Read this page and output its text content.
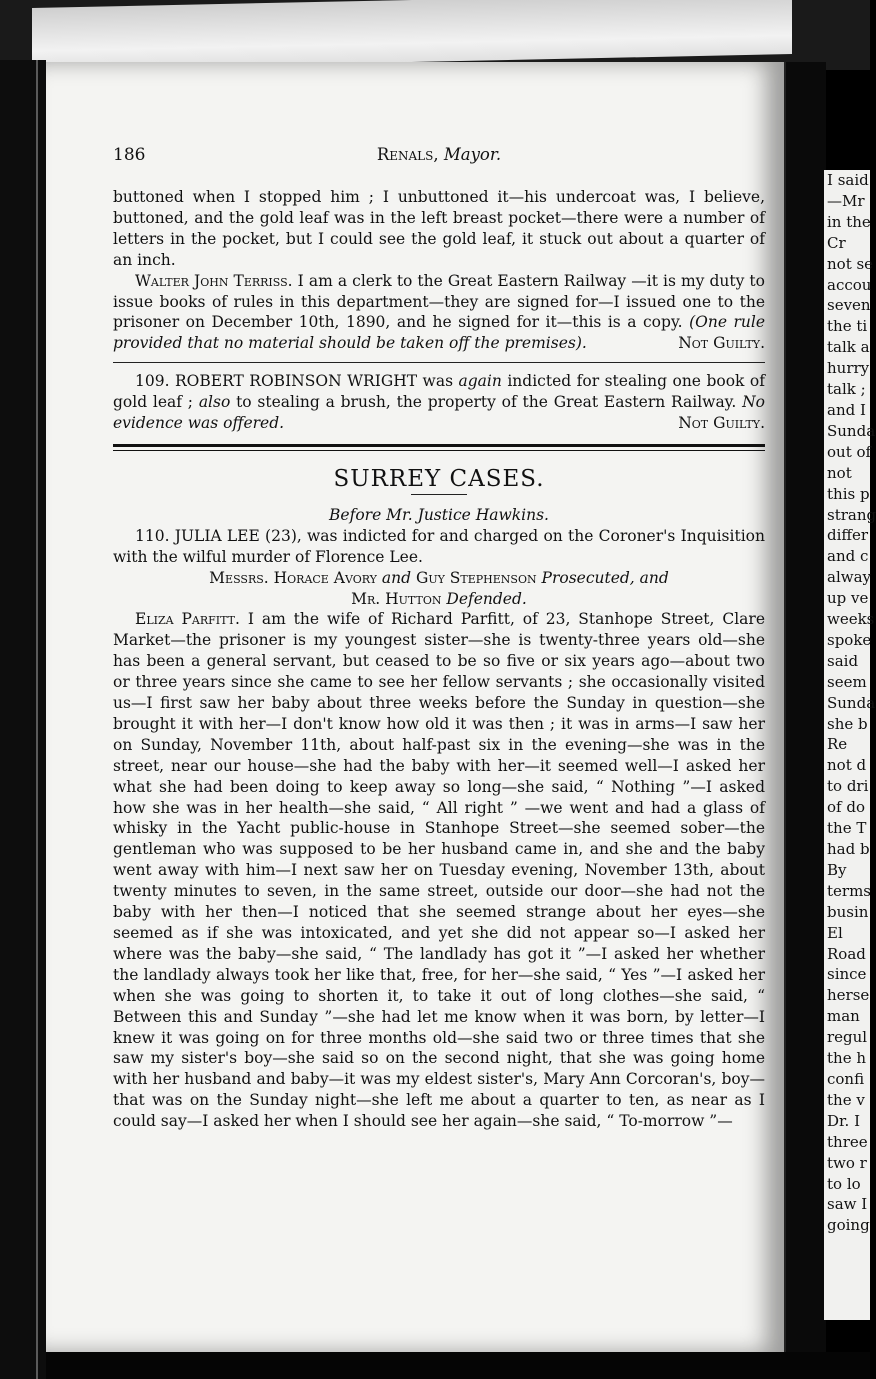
I said
—Mr
in the
Cr
not se
accou
seven
the ti
talk a
hurry
talk ;
and I
Sunda
out of
not
this p
strang
differ
and c
alway
up ve
weeks
spoke
said
seem
Sunda
she b
Re
not d
to dri
of do
the T
had b
By
terms
busin
El
Road
since
herse
man
regul
the h
confi
the v
Dr. I
three
two r
to lo
saw I
going
186	Renals, Mayor.

buttoned when I stopped him ; I unbuttoned it—his undercoat was, I believe, buttoned, and the gold leaf was in the left breast pocket—there were a number of letters in the pocket, but I could see the gold leaf, it stuck out about a quarter of an inch.

Walter John Terriss. I am a clerk to the Great Eastern Railway —it is my duty to issue books of rules in this department—they are signed for—I issued one to the prisoner on December 10th, 1890, and he signed for it—this is a copy. (One rule provided that no material should be taken off the premises).	Not Guilty.

109. ROBERT ROBINSON WRIGHT was again indicted for stealing one book of gold leaf ; also to stealing a brush, the property of the Great Eastern Railway. No evidence was offered.	Not Guilty.

SURREY CASES.

Before Mr. Justice Hawkins.

110. JULIA LEE (23), was indicted for and charged on the Coroner's Inquisition with the wilful murder of Florence Lee.

Messrs. Horace Avory and Guy Stephenson Prosecuted, and

Mr. Hutton Defended.

Eliza Parfitt. I am the wife of Richard Parfitt, of 23, Stanhope Street, Clare Market—the prisoner is my youngest sister—she is twenty-three years old—she has been a general servant, but ceased to be so five or six years ago—about two or three years since she came to see her fellow servants ; she occasionally visited us—I first saw her baby about three weeks before the Sunday in question—she brought it with her—I don't know how old it was then ; it was in arms—I saw her on Sunday, November 11th, about half-past six in the evening—she was in the street, near our house—she had the baby with her—it seemed well—I asked her what she had been doing to keep away so long—she said, “ Nothing ”—I asked how she was in her health—she said, “ All right ” —we went and had a glass of whisky in the Yacht public-house in Stanhope Street—she seemed sober—the gentleman who was supposed to be her husband came in, and she and the baby went away with him—I next saw her on Tuesday evening, November 13th, about twenty minutes to seven, in the same street, outside our door—she had not the baby with her then—I noticed that she seemed strange about her eyes—she seemed as if she was intoxicated, and yet she did not appear so—I asked her where was the baby—she said, “ The landlady has got it ”—I asked her whether the landlady always took her like that, free, for her—she said, “ Yes ”—I asked her when she was going to shorten it, to take it out of long clothes—she said, “ Between this and Sunday ”—she had let me know when it was born, by letter—I knew it was going on for three months old—she said two or three times that she saw my sister's boy—she said so on the second night, that she was going home with her husband and baby—it was my eldest sister's, Mary Ann Corcoran's, boy—that was on the Sunday night—she left me about a quarter to ten, as near as I could say—I asked her when I should see her again—she said, “ To-morrow ”—
